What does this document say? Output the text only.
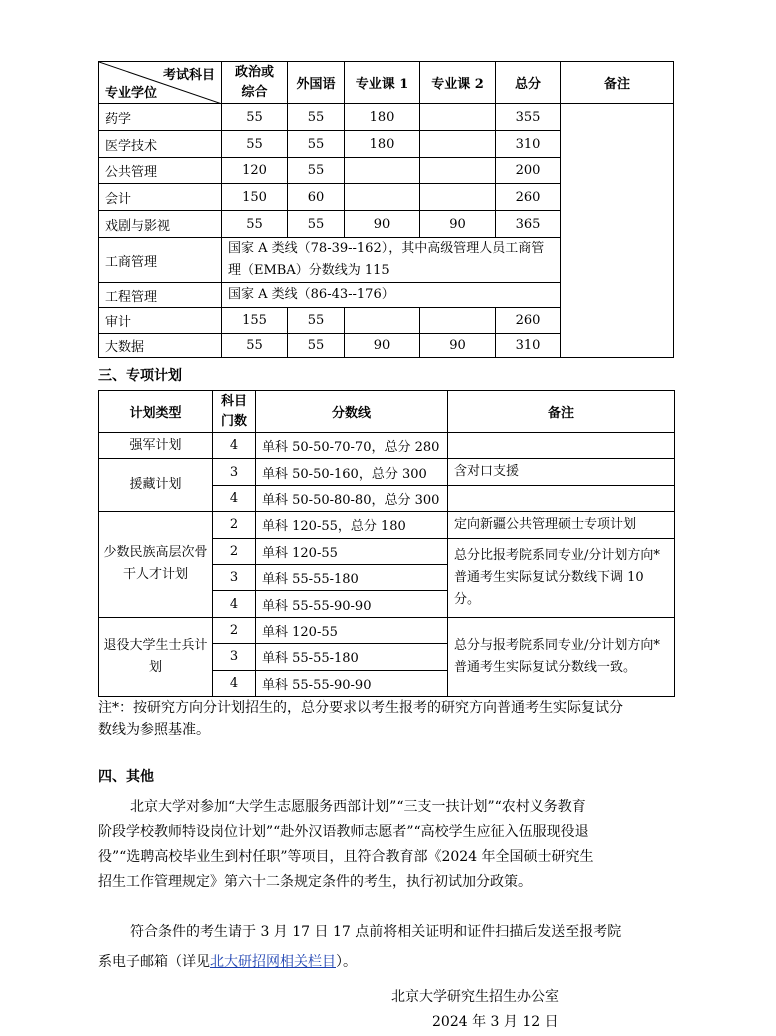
考试科目
专业学位	政治或综合	外国语	专业课 1	专业课 2	总分	备注
药学	55	55	180		355	
医学技术	55	55	180		310	
公共管理	120	55			200	
会计	150	60			260	
戏剧与影视	55	55	90	90	365	
工商管理	国家 A 类线（78-39--162），其中高级管理人员工商管理（EMBA）分数线为 115					
工程管理	国家 A 类线（86-43--176）					
审计	155	55			260	
大数据	55	55	90	90	310	
三、专项计划
计划类型	科目门数	分数线	备注
强军计划	4	单科 50-50-70-70，总分 280	
援藏计划	3	单科 50-50-160，总分 300	含对口支援
	4	单科 50-50-80-80，总分 300	
少数民族高层次骨干人才计划	2	单科 120-55，总分 180	定向新疆公共管理硕士专项计划
	2	单科 120-55	总分比报考院系同专业/分计划方向*普通考生实际复试分数线下调 10 分。
	3	单科 55-55-180	
	4	单科 55-55-90-90	
退役大学生士兵计划	2	单科 120-55	总分与报考院系同专业/分计划方向*普通考生实际复试分数线一致。
	3	单科 55-55-180	
	4	单科 55-55-90-90	
注*：按研究方向分计划招生的，总分要求以考生报考的研究方向普通考生实际复试分
数线为参照基准。
四、其他
北京大学对参加“大学生志愿服务西部计划”“三支一扶计划”“农村义务教育
阶段学校教师特设岗位计划”“赴外汉语教师志愿者”“高校学生应征入伍服现役退
役”“选聘高校毕业生到村任职”等项目，且符合教育部《2024 年全国硕士研究生
招生工作管理规定》第六十二条规定条件的考生，执行初试加分政策。
符合条件的考生请于 3 月 17 日 17 点前将相关证明和证件扫描后发送至报考院
系电子邮箱（详见北大研招网相关栏目）。
北京大学研究生招生办公室
2024 年 3 月 12 日
